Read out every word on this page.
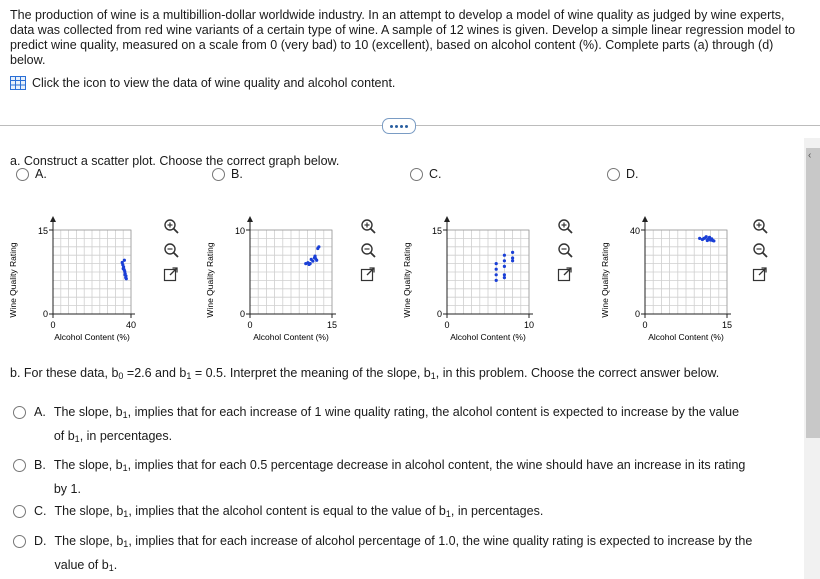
The production of wine is a multibillion-dollar worldwide industry. In an attempt to develop a model of wine quality as judged by wine experts, data was collected from red wine variants of a certain type of wine. A sample of 12 wines is given. Develop a simple linear regression model to predict wine quality, measured on a scale from 0 (very bad) to 10 (excellent), based on alcohol content (%). Complete parts (a) through (d) below.
Click the icon to view the data of wine quality and alcohol content.
a. Construct a scatter plot. Choose the correct graph below.
A.	B.	C.	D.
15
0
0	40
Alcohol Content (%)
Wine Quality Rating
10
0
0	15
Alcohol Content (%)
Wine Quality Rating
15
0
0	10
Alcohol Content (%)
Wine Quality Rating
40
0
0	15
Alcohol Content (%)
Wine Quality Rating
b. For these data, $b_0 =2.6$ and $b_1 = 0.5$. Interpret the meaning of the slope, $b_1$, in this problem. Choose the correct answer below.
A. The slope, $b_1$, implies that for each increase of 1 wine quality rating, the alcohol content is expected to increase by the value
of $b_1$, in percentages.
B. The slope, $b_1$, implies that for each 0.5 percentage decrease in alcohol content, the wine should have an increase in its rating
by 1.
C. The slope, $b_1$, implies that the alcohol content is equal to the value of $b_1$, in percentages.
D. The slope, $b_1$, implies that for each increase of alcohol percentage of 1.0, the wine quality rating is expected to increase by the
value of $b_1$.
‹
